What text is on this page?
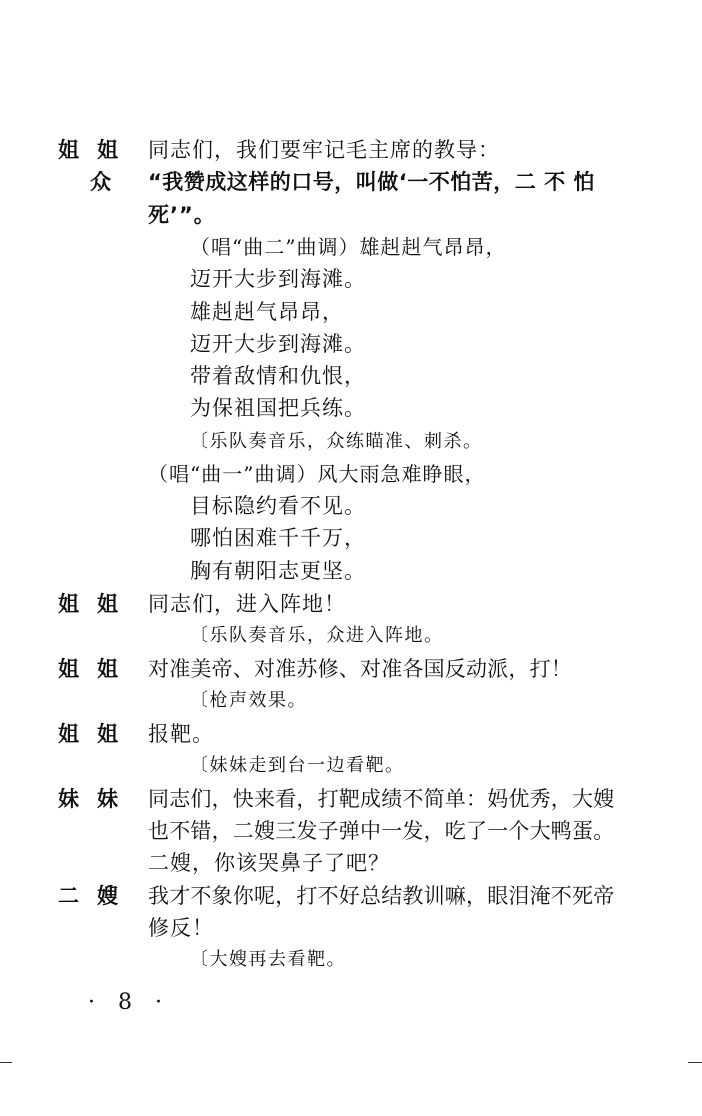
姐姐 同志们，我们要牢记毛主席的教导：
众 “我赞成这样的口号，叫做‘一不怕苦，二 不 怕
死’”。
（唱“曲二”曲调）雄赳赳气昂昂，
迈开大步到海滩。
雄赳赳气昂昂，
迈开大步到海滩。
带着敌情和仇恨，
为保祖国把兵练。
〔乐队奏音乐，众练瞄准、刺杀。
（唱“曲一”曲调）风大雨急难睁眼，
目标隐约看不见。
哪怕困难千千万，
胸有朝阳志更坚。
姐姐 同志们，进入阵地！
〔乐队奏音乐，众进入阵地。
姐姐 对准美帝、对准苏修、对准各国反动派，打！
〔枪声效果。
姐姐 报靶。
〔妹妹走到台一边看靶。
妹妹 同志们，快来看，打靶成绩不简单：妈优秀，大嫂
也不错，二嫂三发子弹中一发，吃了一个大鸭蛋。
二嫂，你该哭鼻子了吧？
二嫂 我才不象你呢，打不好总结教训嘛，眼泪淹不死帝
修反！
〔大嫂再去看靶。
· 8 ·
